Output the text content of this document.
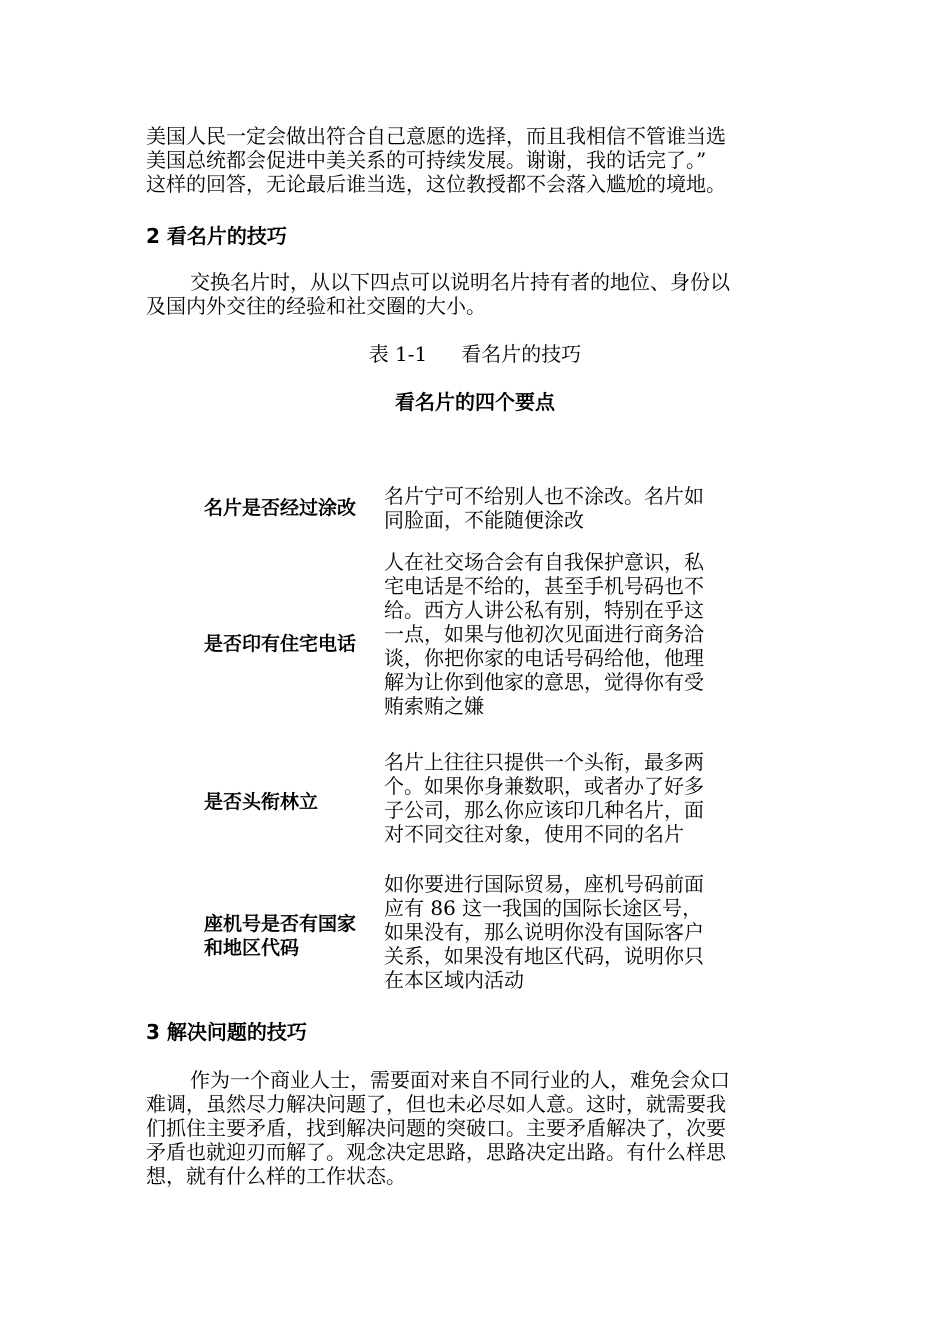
美国人民一定会做出符合自己意愿的选择，而且我相信不管谁当选
美国总统都会促进中美关系的可持续发展。谢谢，我的话完了。”
这样的回答，无论最后谁当选，这位教授都不会落入尴尬的境地。
2 看名片的技巧
交换名片时，从以下四点可以说明名片持有者的地位、身份以
及国内外交往的经验和社交圈的大小。

表 1-1 看名片的技巧

看名片的四个要点

名片是否经过涂改	名片宁可不给别人也不涂改。名片如
同脸面，不能随便涂改
是否印有住宅电话
人在社交场合会有自我保护意识，私
宅电话是不给的，甚至手机号码也不
给。西方人讲公私有别，特别在乎这
一点，如果与他初次见面进行商务洽
谈，你把你家的电话号码给他，他理
解为让你到他家的意思，觉得你有受
贿索贿之嫌
是否头衔林立
名片上往往只提供一个头衔，最多两
个。如果你身兼数职，或者办了好多
子公司，那么你应该印几种名片，面
对不同交往对象，使用不同的名片
座机号是否有国家
和地区代码
如你要进行国际贸易，座机号码前面
应有 86 这一我国的国际长途区号，
如果没有，那么说明你没有国际客户
关系，如果没有地区代码，说明你只
在本区域内活动
3 解决问题的技巧
作为一个商业人士，需要面对来自不同行业的人，难免会众口
难调，虽然尽力解决问题了，但也未必尽如人意。这时，就需要我
们抓住主要矛盾，找到解决问题的突破口。主要矛盾解决了，次要
矛盾也就迎刃而解了。观念决定思路，思路决定出路。有什么样思
想，就有什么样的工作状态。
